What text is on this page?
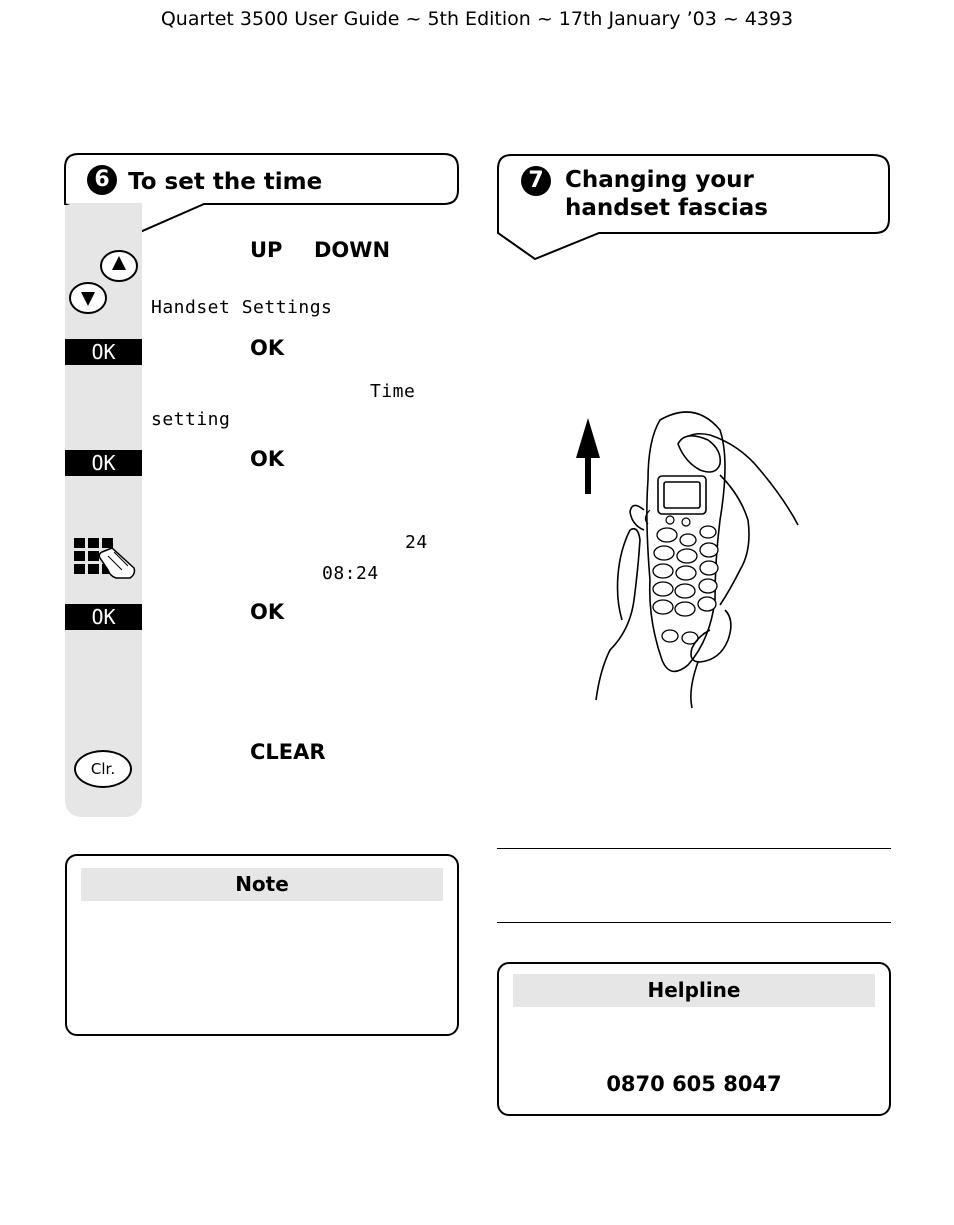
Quartet 3500 User Guide ~ 5th Edition ~ 17th January ’03 ~ 4393
6 To set the time
UP DOWN
Handset Settings
OK	OK
Time
setting
OK	OK
24
08:24
OK	OK
Clr.
CLEAR
Note
7 Changing your handset fascias
Helpline
0870 605 8047
